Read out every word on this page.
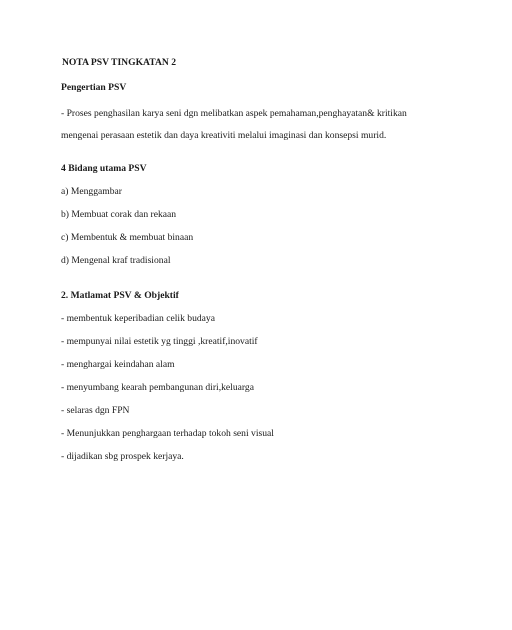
NOTA PSV TINGKATAN 2
Pengertian PSV
- Proses penghasilan karya seni dgn melibatkan aspek pemahaman,penghayatan& kritikan
mengenai perasaan estetik dan daya kreativiti melalui imaginasi dan konsepsi murid.
4 Bidang utama PSV
a) Menggambar
b) Membuat corak dan rekaan
c) Membentuk & membuat binaan
d) Mengenal kraf tradisional
2. Matlamat PSV & Objektif
- membentuk keperibadian celik budaya
- mempunyai nilai estetik yg tinggi ,kreatif,inovatif
- menghargai keindahan alam
- menyumbang kearah pembangunan diri,keluarga
- selaras dgn FPN
- Menunjukkan penghargaan terhadap tokoh seni visual
- dijadikan sbg prospek kerjaya.
